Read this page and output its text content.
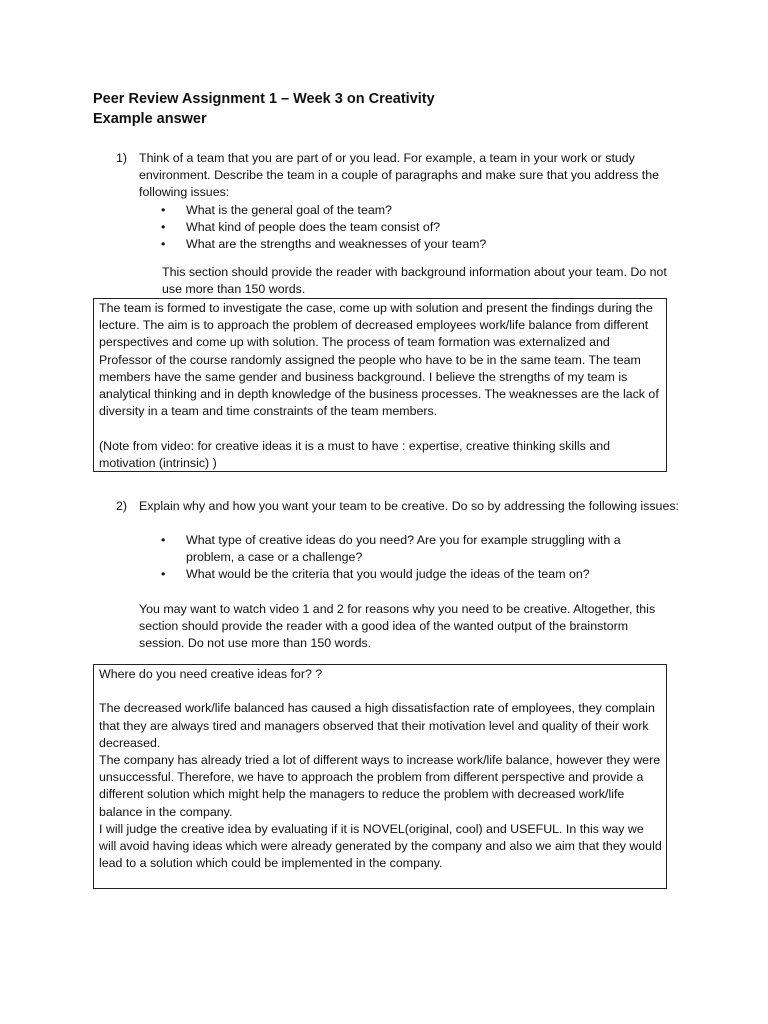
Peer Review Assignment 1 – Week 3 on Creativity
Example answer
1) Think of a team that you are part of or you lead. For example, a team in your work or study environment. Describe the team in a couple of paragraphs and make sure that you address the following issues:
• What is the general goal of the team?
• What kind of people does the team consist of?
• What are the strengths and weaknesses of your team?
This section should provide the reader with background information about your team. Do not use more than 150 words.

The team is formed to investigate the case, come up with solution and present the findings during the lecture. The aim is to approach the problem of decreased employees work/life balance from different perspectives and come up with solution. The process of team formation was externalized and Professor of the course randomly assigned the people who have to be in the same team. The team members have the same gender and business background. I believe the strengths of my team is analytical thinking and in depth knowledge of the business processes. The weaknesses are the lack of diversity in a team and time constraints of the team members.

(Note from video: for creative ideas it is a must to have : expertise, creative thinking skills and motivation (intrinsic) )

2) Explain why and how you want your team to be creative. Do so by addressing the following issues:
• What type of creative ideas do you need? Are you for example struggling with a problem, a case or a challenge?
• What would be the criteria that you would judge the ideas of the team on?
You may want to watch video 1 and 2 for reasons why you need to be creative. Altogether, this section should provide the reader with a good idea of the wanted output of the brainstorm session. Do not use more than 150 words.

Where do you need creative ideas for? ?

The decreased work/life balanced has caused a high dissatisfaction rate of employees, they complain that they are always tired and managers observed that their motivation level and quality of their work decreased.

The company has already tried a lot of different ways to increase work/life balance, however they were unsuccessful. Therefore, we have to approach the problem from different perspective and provide a different solution which might help the managers to reduce the problem with decreased work/life balance in the company.

I will judge the creative idea by evaluating if it is NOVEL(original, cool) and USEFUL. In this way we will avoid having ideas which were already generated by the company and also we aim that they would lead to a solution which could be implemented in the company.
